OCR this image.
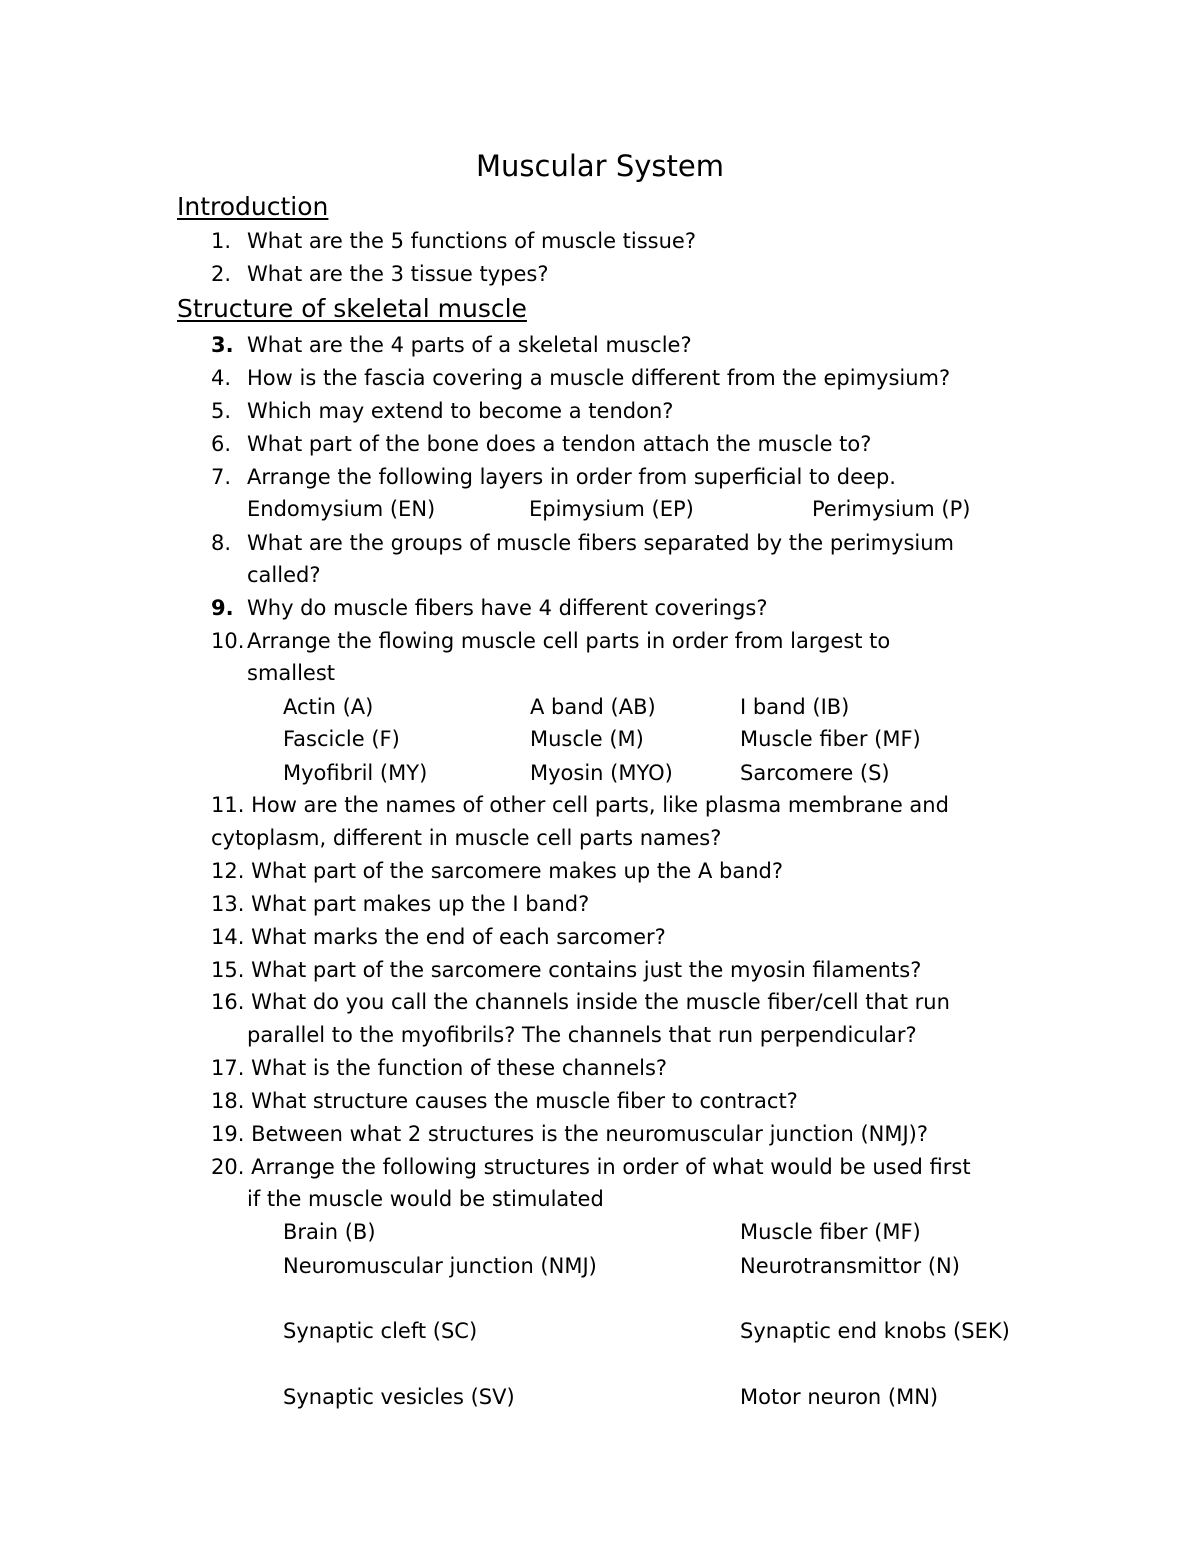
Muscular System
Introduction
1. What are the 5 functions of muscle tissue?
2. What are the 3 tissue types?
Structure of skeletal muscle
3. What are the 4 parts of a skeletal muscle?
4. How is the fascia covering a muscle different from the epimysium?
5. Which may extend to become a tendon?
6. What part of the bone does a tendon attach the muscle to?
7. Arrange the following layers in order from superficial to deep.
Endomysium (EN)	Epimysium (EP)	Perimysium (P)
8. What are the groups of muscle fibers separated by the perimysium
called?
9. Why do muscle fibers have 4 different coverings?
10. Arrange the flowing muscle cell parts in order from largest to
smallest
Actin (A)	A band (AB)	I band (IB)
Fascicle (F)	Muscle (M)	Muscle fiber (MF)
Myofibril (MY)	Myosin (MYO)	Sarcomere (S)
11. How are the names of other cell parts, like plasma membrane and
cytoplasm, different in muscle cell parts names?
12. What part of the sarcomere makes up the A band?
13. What part makes up the I band?
14. What marks the end of each sarcomer?
15. What part of the sarcomere contains just the myosin filaments?
16. What do you call the channels inside the muscle fiber/cell that run
parallel to the myofibrils? The channels that run perpendicular?
17. What is the function of these channels?
18. What structure causes the muscle fiber to contract?
19. Between what 2 structures is the neuromuscular junction (NMJ)?
20. Arrange the following structures in order of what would be used first
if the muscle would be stimulated
Brain (B)	Muscle fiber (MF)
Neuromuscular junction (NMJ)	Neurotransmittor (N)
Synaptic cleft (SC)	Synaptic end knobs (SEK)
Synaptic vesicles (SV)	Motor neuron (MN)
